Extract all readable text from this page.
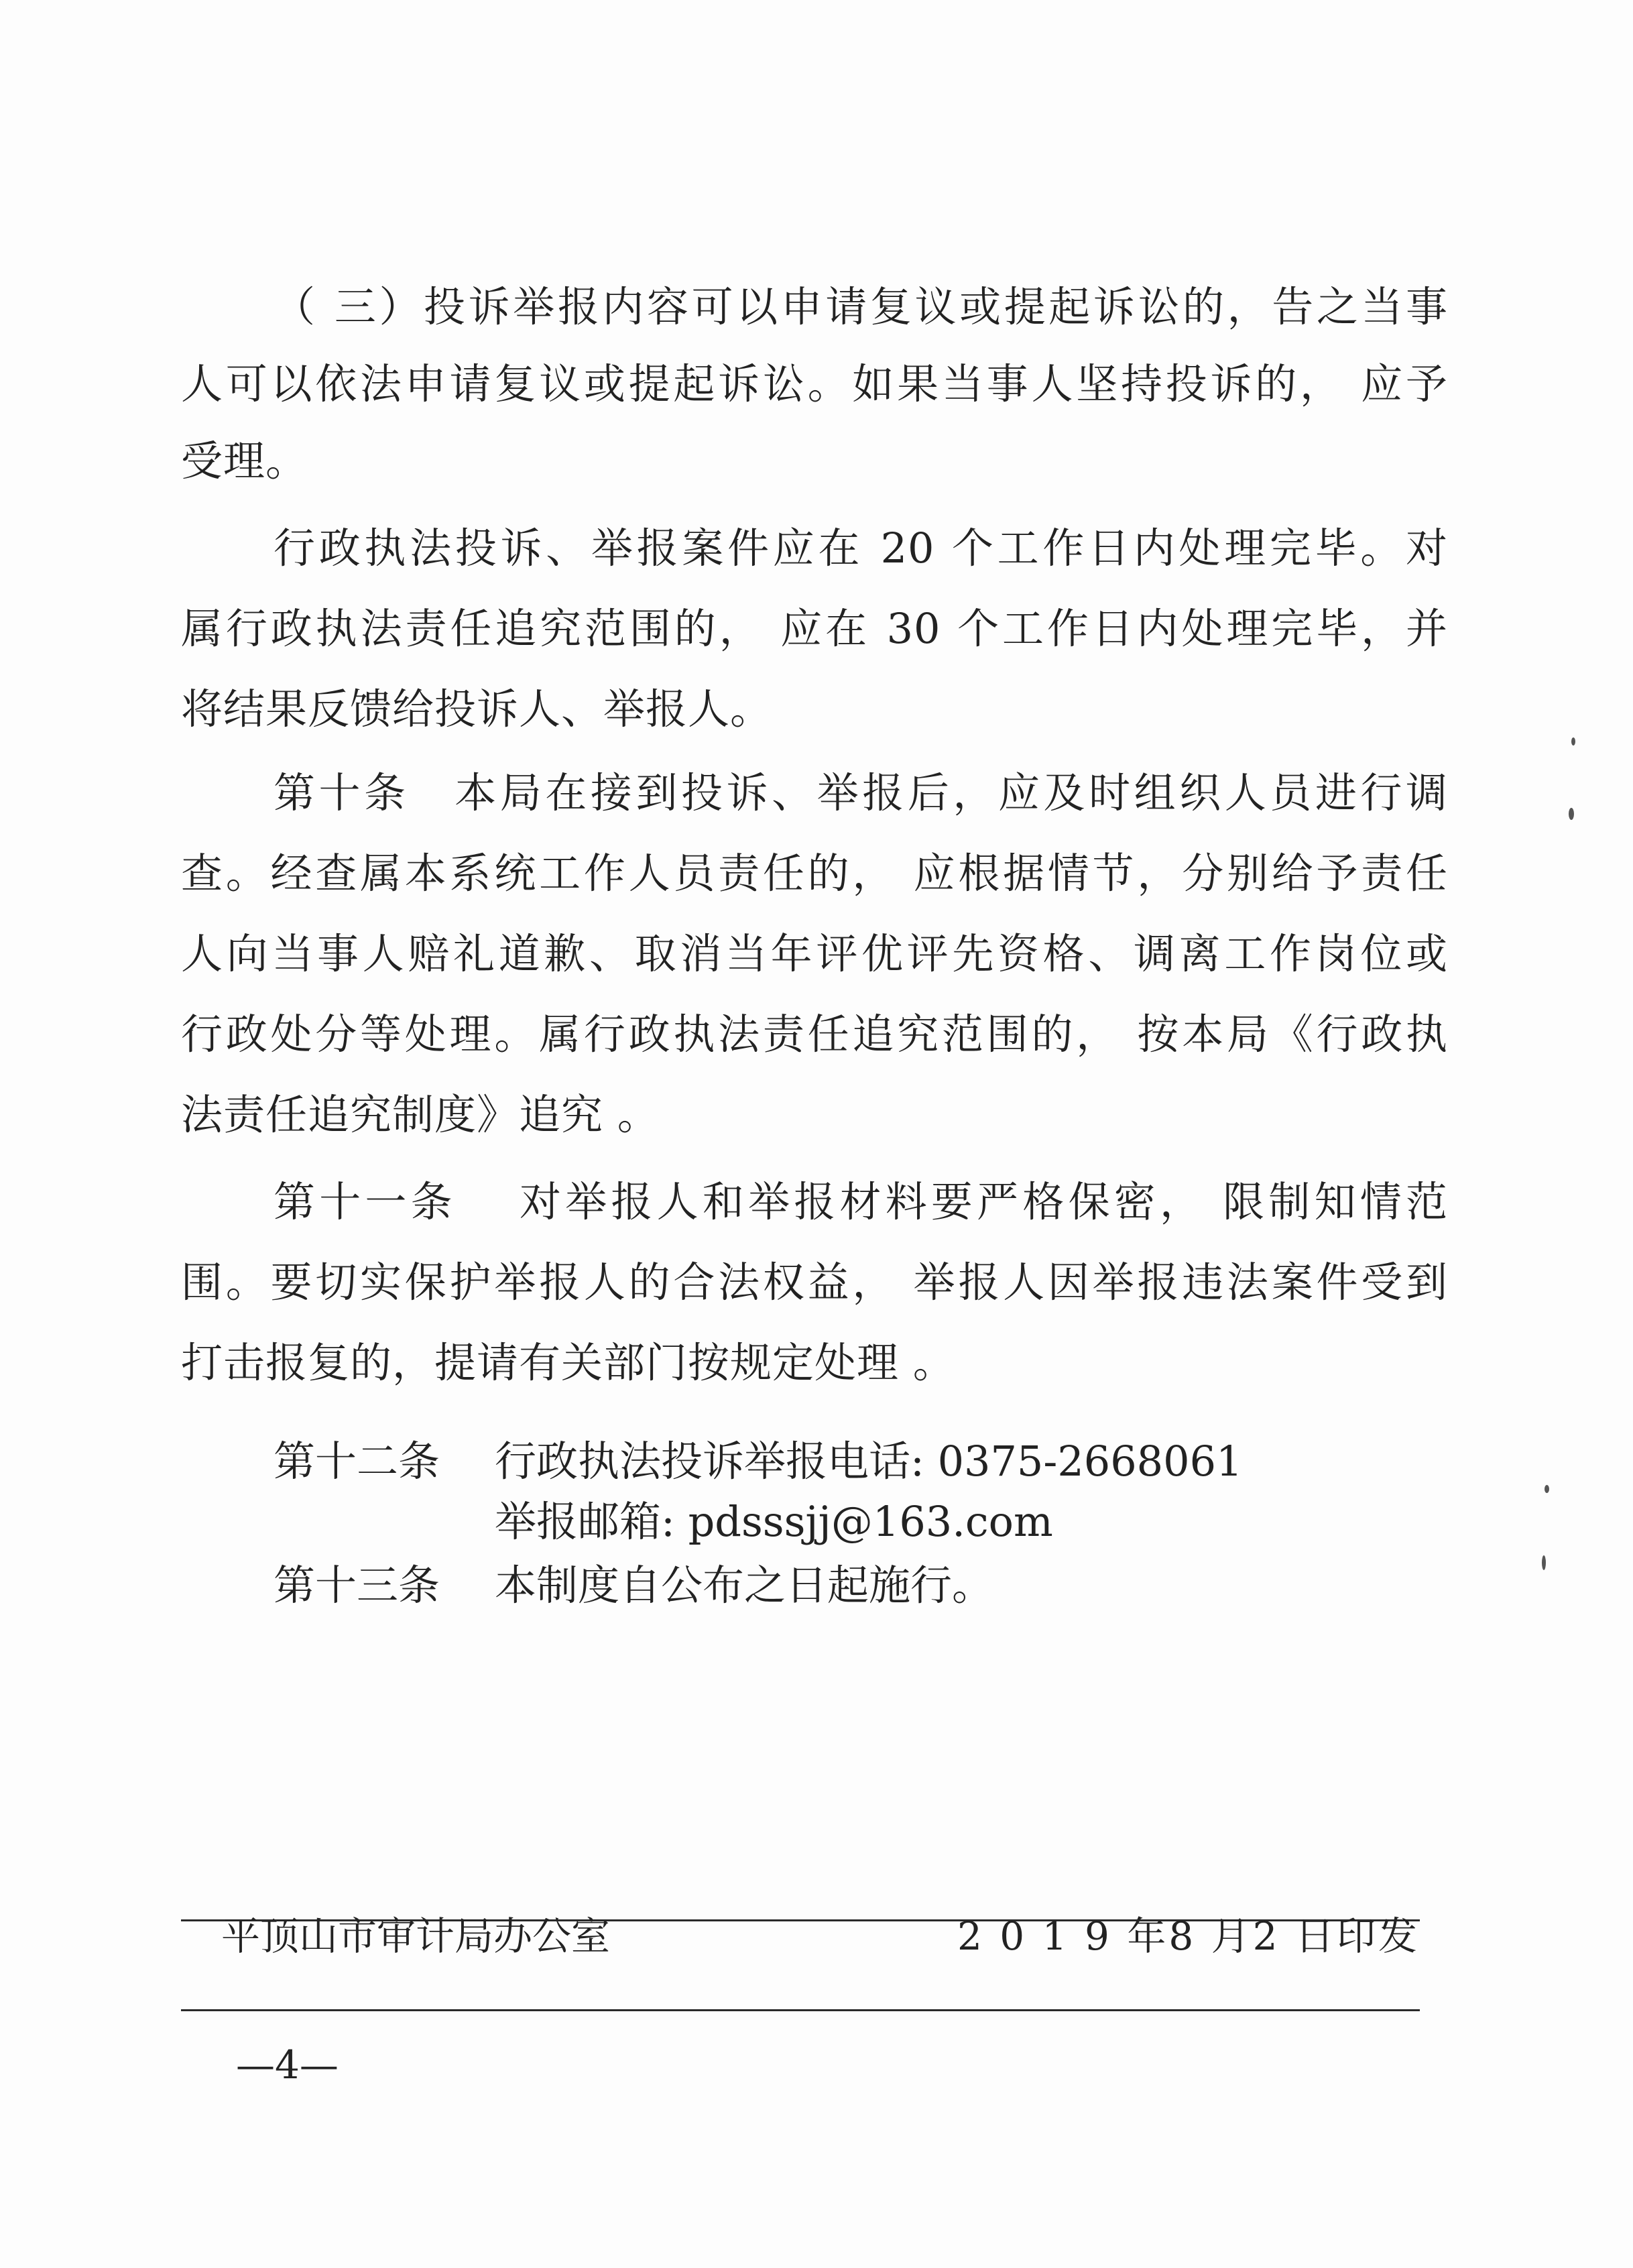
（ 三）投诉举报内容可以申请复议或提起诉讼的，告之当事
人可以依法申请复议或提起诉讼。如果当事人坚持投诉的， 应予
受理。
行政执法投诉、举报案件应在 20 个工作日内处理完毕。对
属行政执法责任追究范围的， 应在 30 个工作日内处理完毕，并
将结果反馈给投诉人、举报人。
第十条　本局在接到投诉、举报后，应及时组织人员进行调
查。经查属本系统工作人员责任的， 应根据情节，分别给予责任
人向当事人赔礼道歉、取消当年评优评先资格、调离工作岗位或
行政处分等处理。属行政执法责任追究范围的， 按本局《行政执
法责任追究制度》追究 。
第十一条　 对举报人和举报材料要严格保密， 限制知情范
围。要切实保护举报人的合法权益， 举报人因举报违法案件受到
打击报复的，提请有关部门按规定处理 。
第十二条 行政执法投诉举报电话: 0375-2668061
举报邮箱: pdsssjj@163.com
第十三条 本制度自公布之日起施行。
平顶山市审计局办公室	2 0 1 9 年8 月2 日印发
—4—
